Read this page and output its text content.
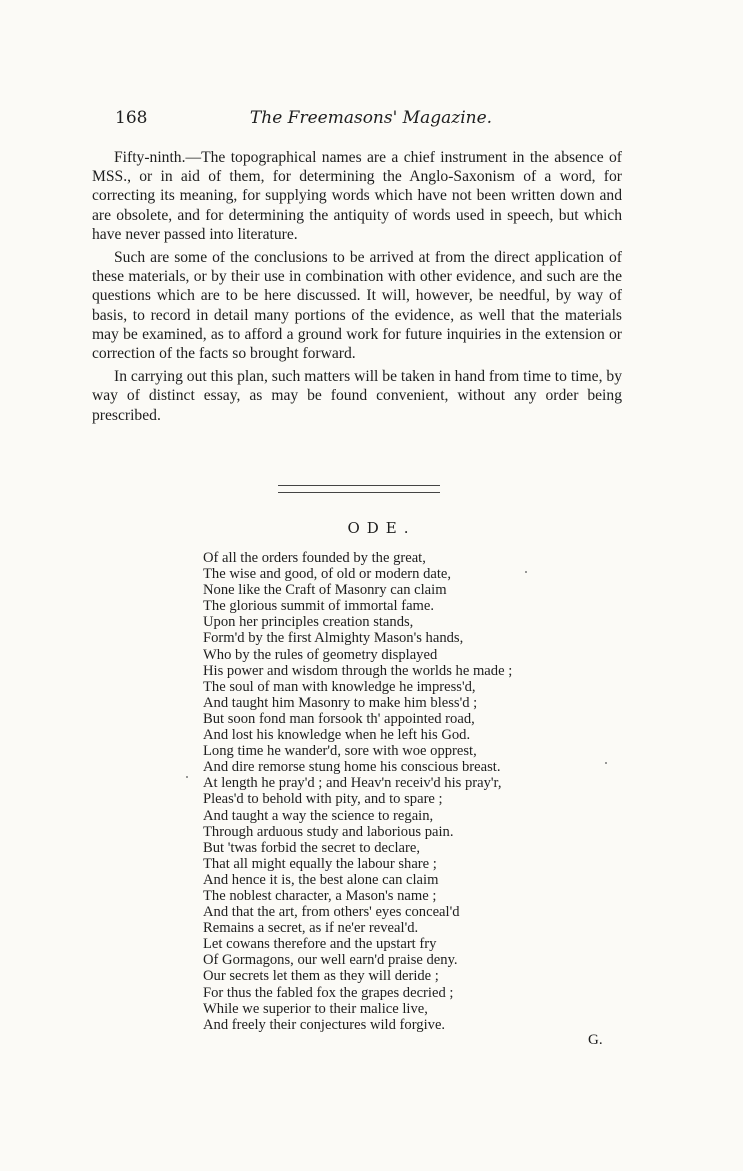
168	The Freemasons' Magazine.

Fifty-ninth.—The topographical names are a chief instrument in the absence of MSS., or in aid of them, for determining the Anglo-Saxonism of a word, for correcting its meaning, for supplying words which have not been written down and are obsolete, and for determining the antiquity of words used in speech, but which have never passed into literature.

Such are some of the conclusions to be arrived at from the direct application of these materials, or by their use in combination with other evidence, and such are the questions which are to be here discussed. It will, however, be needful, by way of basis, to record in detail many portions of the evidence, as well that the materials may be examined, as to afford a ground work for future inquiries in the extension or correction of the facts so brought forward.

In carrying out this plan, such matters will be taken in hand from time to time, by way of distinct essay, as may be found convenient, without any order being prescribed.

ODE.
Of all the orders founded by the great,
The wise and good, of old or modern date,
None like the Craft of Masonry can claim
The glorious summit of immortal fame.
Upon her principles creation stands,
Form'd by the first Almighty Mason's hands,
Who by the rules of geometry displayed
His power and wisdom through the worlds he made ;
The soul of man with knowledge he impress'd,
And taught him Masonry to make him bless'd ;
But soon fond man forsook th' appointed road,
And lost his knowledge when he left his God.
Long time he wander'd, sore with woe opprest,
And dire remorse stung home his conscious breast.
At length he pray'd ; and Heav'n receiv'd his pray'r,
Pleas'd to behold with pity, and to spare ;
And taught a way the science to regain,
Through arduous study and laborious pain.
But 'twas forbid the secret to declare,
That all might equally the labour share ;
And hence it is, the best alone can claim
The noblest character, a Mason's name ;
And that the art, from others' eyes conceal'd
Remains a secret, as if ne'er reveal'd.
Let cowans therefore and the upstart fry
Of Gormagons, our well earn'd praise deny.
Our secrets let them as they will deride ;
For thus the fabled fox the grapes decried ;
While we superior to their malice live,
And freely their conjectures wild forgive.
G.
